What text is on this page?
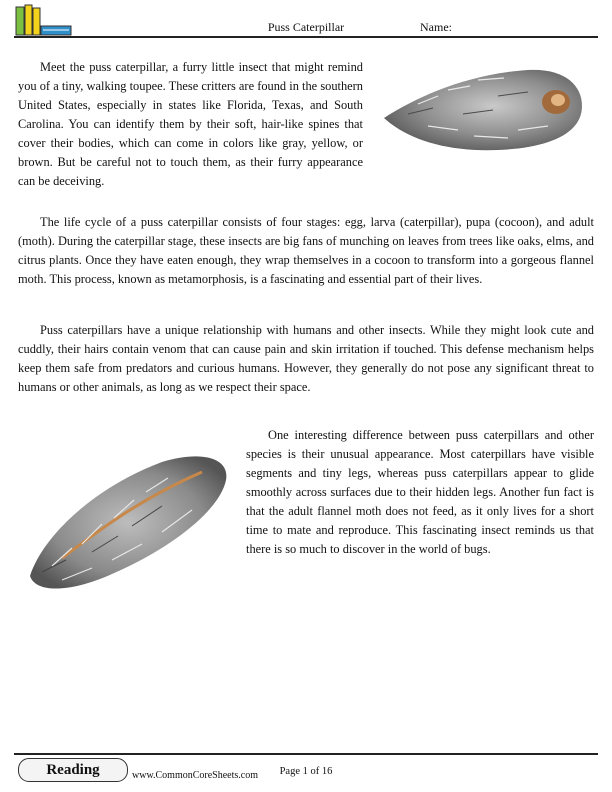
Puss Caterpillar	Name:

Meet the puss caterpillar, a furry little insect that might remind you of a tiny, walking toupee. These critters are found in the southern United States, especially in states like Florida, Texas, and South Carolina. You can identify them by their soft, hair-like spines that cover their bodies, which can come in colors like gray, yellow, or brown. But be careful not to touch them, as their furry appearance can be deceiving.

The life cycle of a puss caterpillar consists of four stages: egg, larva (caterpillar), pupa (cocoon), and adult (moth). During the caterpillar stage, these insects are big fans of munching on leaves from trees like oaks, elms, and citrus plants. Once they have eaten enough, they wrap themselves in a cocoon to transform into a gorgeous flannel moth. This process, known as metamorphosis, is a fascinating and essential part of their lives.

Puss caterpillars have a unique relationship with humans and other insects. While they might look cute and cuddly, their hairs contain venom that can cause pain and skin irritation if touched. This defense mechanism helps keep them safe from predators and curious humans. However, they generally do not pose any significant threat to humans or other animals, as long as we respect their space.

One interesting difference between puss caterpillars and other species is their unusual appearance. Most caterpillars have visible segments and tiny legs, whereas puss caterpillars appear to glide smoothly across surfaces due to their hidden legs. Another fun fact is that the adult flannel moth does not feed, as it only lives for a short time to mate and reproduce. This fascinating insect reminds us that there is so much to discover in the world of bugs.

Reading	www.CommonCoreSheets.com	Page 1 of 16
